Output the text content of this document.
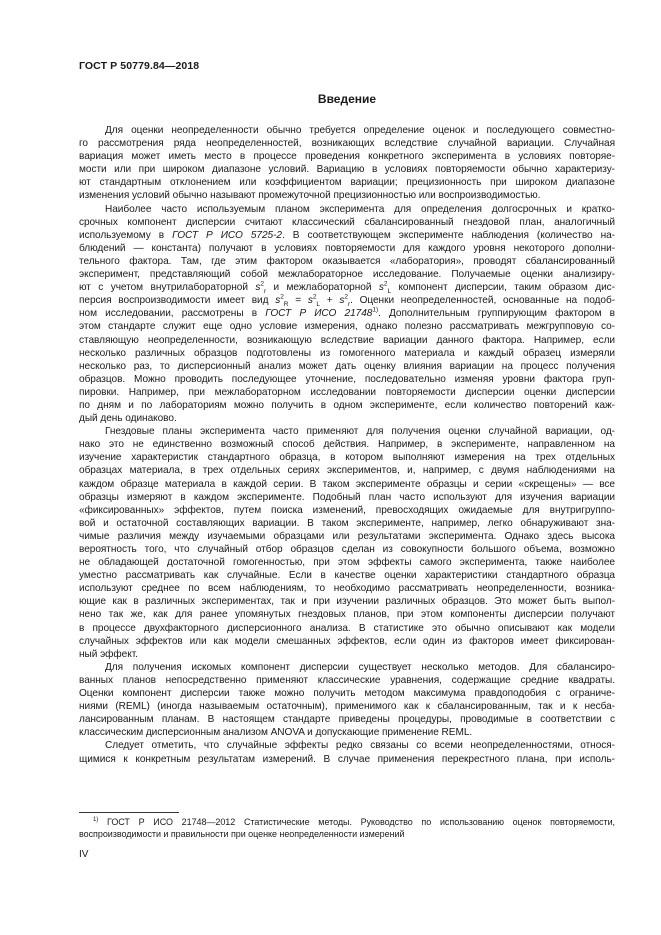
ГОСТ Р 50779.84—2018
Введение
Для оценки неопределенности обычно требуется определение оценок и последующего совместно-
го рассмотрения ряда неопределенностей, возникающих вследствие случайной вариации. Случайная
вариация может иметь место в процессе проведения конкретного эксперимента в условиях повторяе-
мости или при широком диапазоне условий. Вариацию в условиях повторяемости обычно характеризу-
ют стандартным отклонением или коэффициентом вариации; прецизионность при широком диапазоне
изменения условий обычно называют промежуточной прецизионностью или воспроизводимостью.
Наиболее часто используемым планом эксперимента для определения долгосрочных и кратко-
срочных компонент дисперсии считают классический сбалансированный гнездовой план, аналогичный
используемому в ГОСТ Р ИСО 5725-2. В соответствующем эксперименте наблюдения (количество на-
блюдений — константа) получают в условиях повторяемости для каждого уровня некоторого дополни-
тельного фактора. Там, где этим фактором оказывается «лаборатория», проводят сбалансированный
эксперимент, представляющий собой межлабораторное исследование. Получаемые оценки анализиру-
ют с учетом внутрилабораторной $s^2_r$ и межлабораторной $s^2_L$ компонент дисперсии, таким образом дис-
персия воспроизводимости имеет вид $s^2_R = s^2_L + s^2_r$. Оценки неопределенностей, основанные на подоб-
ном исследовании, рассмотрены в ГОСТ Р ИСО 21748$^{1)}$. Дополнительным группирующим фактором в
этом стандарте служит еще одно условие измерения, однако полезно рассматривать межгрупповую со-
ставляющую неопределенности, возникающую вследствие вариации данного фактора. Например, если
несколько различных образцов подготовлены из гомогенного материала и каждый образец измеряли
несколько раз, то дисперсионный анализ может дать оценку влияния вариации на процесс получения
образцов. Можно проводить последующее уточнение, последовательно изменяя уровни фактора груп-
пировки. Например, при межлабораторном исследовании повторяемости дисперсии оценки дисперсии
по дням и по лабораториям можно получить в одном эксперименте, если количество повторений каж-
дый день одинаково.
Гнездовые планы эксперимента часто применяют для получения оценки случайной вариации, од-
нако это не единственно возможный способ действия. Например, в эксперименте, направленном на
изучение характеристик стандартного образца, в котором выполняют измерения на трех отдельных
образцах материала, в трех отдельных сериях экспериментов, и, например, с двумя наблюдениями на
каждом образце материала в каждой серии. В таком эксперименте образцы и серии «скрещены» — все
образцы измеряют в каждом эксперименте. Подобный план часто используют для изучения вариации
«фиксированных» эффектов, путем поиска изменений, превосходящих ожидаемые для внутригруппо-
вой и остаточной составляющих вариации. В таком эксперименте, например, легко обнаруживают зна-
чимые различия между изучаемыми образцами или результатами эксперимента. Однако здесь высока
вероятность того, что случайный отбор образцов сделан из совокупности большого объема, возможно
не обладающей достаточной гомогенностью, при этом эффекты самого эксперимента, также наиболее
уместно рассматривать как случайные. Если в качестве оценки характеристики стандартного образца
используют среднее по всем наблюдениям, то необходимо рассматривать неопределенности, возника-
ющие как в различных экспериментах, так и при изучении различных образцов. Это может быть выпол-
нено так же, как для ранее упомянутых гнездовых планов, при этом компоненты дисперсии получают
в процессе двухфакторного дисперсионного анализа. В статистике это обычно описывают как модели
случайных эффектов или как модели смешанных эффектов, если один из факторов имеет фиксирован-
ный эффект.
Для получения искомых компонент дисперсии существует несколько методов. Для сбалансиро-
ванных планов непосредственно применяют классические уравнения, содержащие средние квадраты.
Оценки компонент дисперсии также можно получить методом максимума правдоподобия с ограниче-
ниями (REML) (иногда называемым остаточным), применимого как к сбалансированным, так и к несба-
лансированным планам. В настоящем стандарте приведены процедуры, проводимые в соответствии с
классическим дисперсионным анализом ANOVA и допускающие применение REML.
Следует отметить, что случайные эффекты редко связаны со всеми неопределенностями, относя-
щимися к конкретным результатам измерений. В случае применения перекрестного плана, при исполь-
$^{1)}$ ГОСТ Р ИСО 21748—2012 Статистические методы. Руководство по использованию оценок повторяемости,
воспроизводимости и правильности при оценке неопределенности измерений
IV
